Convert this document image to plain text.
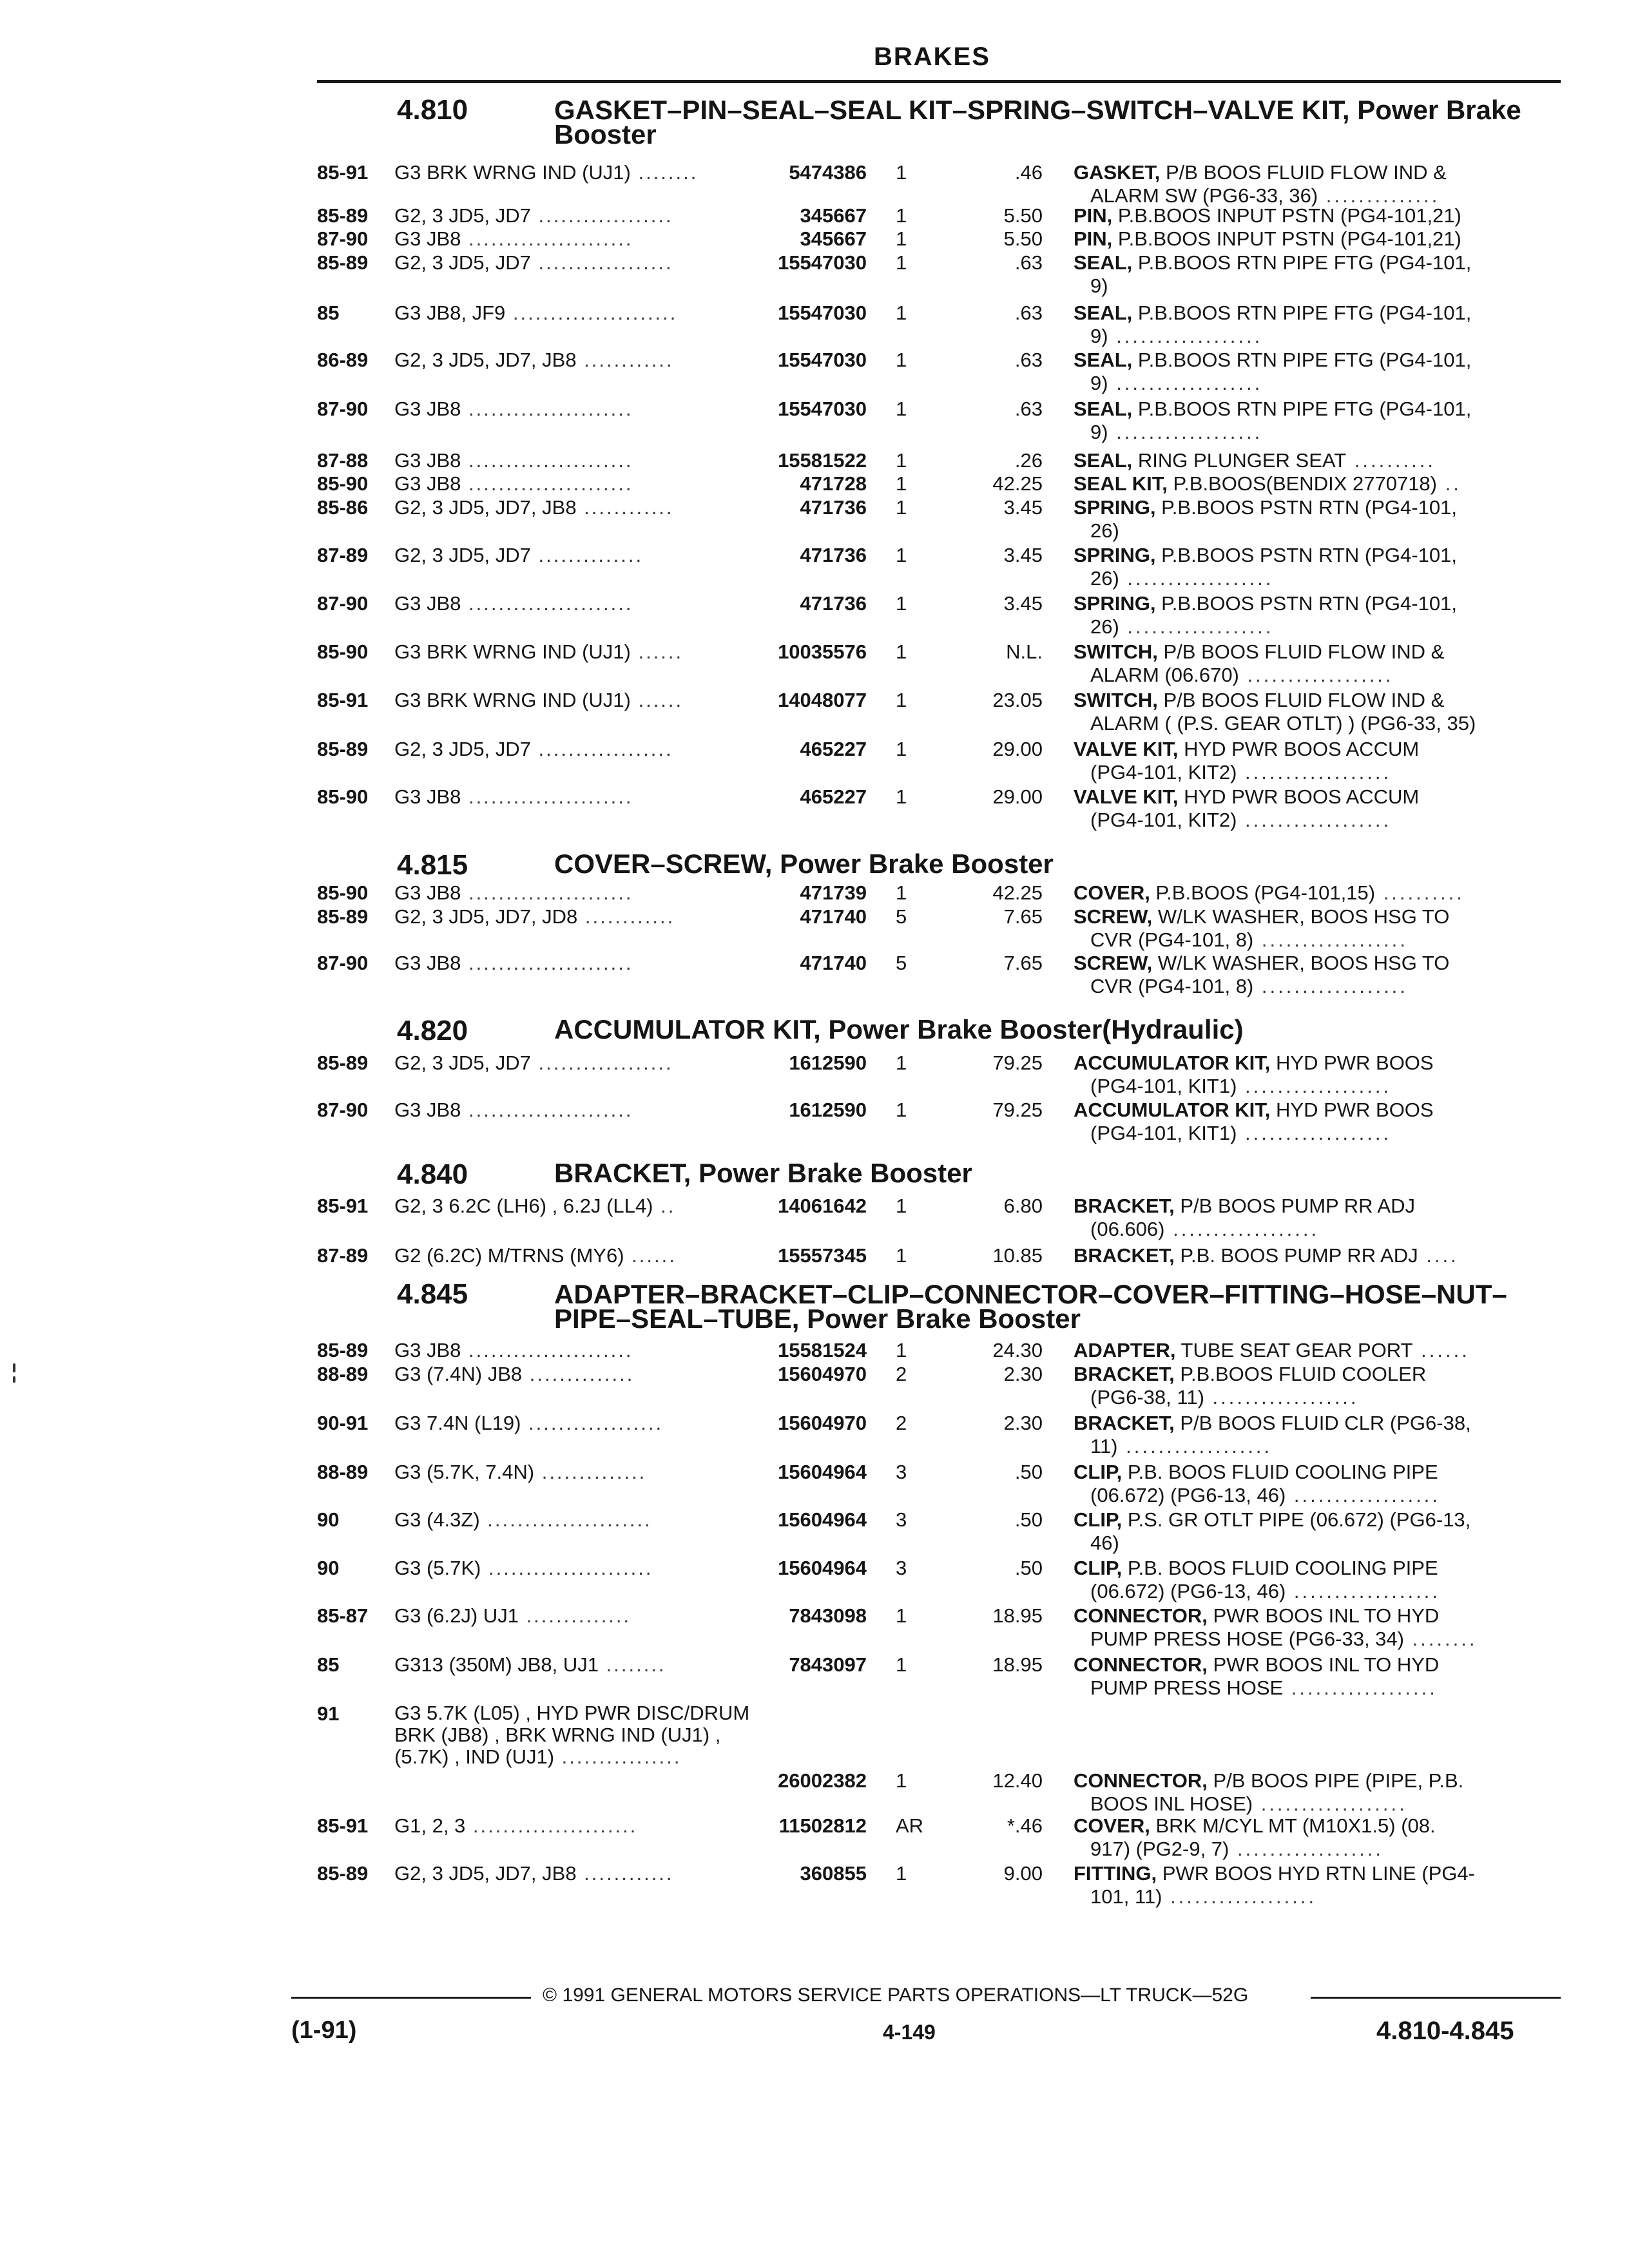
BRAKES
4.810	GASKET–PIN–SEAL–SEAL KIT–SPRING–SWITCH–VALVE KIT, Power Brake Booster
4.815	COVER–SCREW, Power Brake Booster
4.820	ACCUMULATOR KIT, Power Brake Booster(Hydraulic)
4.840	BRACKET, Power Brake Booster
4.845	ADAPTER–BRACKET–CLIP–CONNECTOR–COVER–FITTING–HOSE–NUT–PIPE–SEAL–TUBE, Power Brake Booster
85-91 G3 BRK WRNG IND (UJ1) ........	5474386 1	.46 GASKET, P/B BOOS FLUID FLOW IND &
ALARM SW (PG6-33, 36) ..............
85-89 G2, 3 JD5, JD7 ..................	345667 1	5.50 PIN, P.B.BOOS INPUT PSTN (PG4-101,21)
87-90 G3 JB8 ......................	345667 1	5.50 PIN, P.B.BOOS INPUT PSTN (PG4-101,21)
85-89 G2, 3 JD5, JD7 ..................	15547030 1	.63 SEAL, P.B.BOOS RTN PIPE FTG (PG4-101,
9)
85	G3 JB8, JF9 ......................	15547030 1	.63 SEAL, P.B.BOOS RTN PIPE FTG (PG4-101,
9) ..................
86-89 G2, 3 JD5, JD7, JB8 ............	15547030 1	.63 SEAL, P.B.BOOS RTN PIPE FTG (PG4-101,
9) ..................
87-90 G3 JB8 ......................	15547030 1	.63 SEAL, P.B.BOOS RTN PIPE FTG (PG4-101,
9) ..................
87-88 G3 JB8 ......................	15581522 1	.26 SEAL, RING PLUNGER SEAT ..........
85-90 G3 JB8 ......................	471728 1	42.25 SEAL KIT, P.B.BOOS(BENDIX 2770718) ..
85-86 G2, 3 JD5, JD7, JB8 ............	471736 1	3.45 SPRING, P.B.BOOS PSTN RTN (PG4-101,
26)
87-89 G2, 3 JD5, JD7 ..............	471736 1	3.45 SPRING, P.B.BOOS PSTN RTN (PG4-101,
26) ..................
87-90 G3 JB8 ......................	471736 1	3.45 SPRING, P.B.BOOS PSTN RTN (PG4-101,
26) ..................
85-90 G3 BRK WRNG IND (UJ1) ......	10035576 1	N.L. SWITCH, P/B BOOS FLUID FLOW IND &
ALARM (06.670) ..................
85-91 G3 BRK WRNG IND (UJ1) ......	14048077 1	23.05 SWITCH, P/B BOOS FLUID FLOW IND &
ALARM ( (P.S. GEAR OTLT) ) (PG6-33, 35)
85-89 G2, 3 JD5, JD7 ..................	465227 1	29.00 VALVE KIT, HYD PWR BOOS ACCUM
(PG4-101, KIT2) ..................
85-90 G3 JB8 ......................	465227 1	29.00 VALVE KIT, HYD PWR BOOS ACCUM
(PG4-101, KIT2) ..................
85-90 G3 JB8 ......................	471739 1	42.25 COVER, P.B.BOOS (PG4-101,15) ..........
85-89 G2, 3 JD5, JD7, JD8 ............	471740 5	7.65 SCREW, W/LK WASHER, BOOS HSG TO
CVR (PG4-101, 8) ..................
87-90 G3 JB8 ......................	471740 5	7.65 SCREW, W/LK WASHER, BOOS HSG TO
CVR (PG4-101, 8) ..................
85-89 G2, 3 JD5, JD7 ..................	1612590 1	79.25 ACCUMULATOR KIT, HYD PWR BOOS
(PG4-101, KIT1) ..................
87-90 G3 JB8 ......................	1612590 1	79.25 ACCUMULATOR KIT, HYD PWR BOOS
(PG4-101, KIT1) ..................
85-91 G2, 3 6.2C (LH6) , 6.2J (LL4) ..	14061642 1	6.80 BRACKET, P/B BOOS PUMP RR ADJ
(06.606) ..................
87-89 G2 (6.2C) M/TRNS (MY6) ......	15557345 1	10.85 BRACKET, P.B. BOOS PUMP RR ADJ ....
85-89 G3 JB8 ......................	15581524 1	24.30 ADAPTER, TUBE SEAT GEAR PORT ......
88-89 G3 (7.4N) JB8 ..............	15604970 2	2.30 BRACKET, P.B.BOOS FLUID COOLER
(PG6-38, 11) ..................
90-91 G3 7.4N (L19) ..................	15604970 2	2.30 BRACKET, P/B BOOS FLUID CLR (PG6-38,
11) ..................
88-89 G3 (5.7K, 7.4N) ..............	15604964 3	.50 CLIP, P.B. BOOS FLUID COOLING PIPE
(06.672) (PG6-13, 46) ..................
90	G3 (4.3Z) ......................	15604964 3	.50 CLIP, P.S. GR OTLT PIPE (06.672) (PG6-13,
46)
90	G3 (5.7K) ......................	15604964 3	.50 CLIP, P.B. BOOS FLUID COOLING PIPE
(06.672) (PG6-13, 46) ..................
85-87 G3 (6.2J) UJ1 ..............	7843098 1	18.95 CONNECTOR, PWR BOOS INL TO HYD
PUMP PRESS HOSE (PG6-33, 34) ........
85	G313 (350M) JB8, UJ1 ........	7843097 1	18.95 CONNECTOR, PWR BOOS INL TO HYD
PUMP PRESS HOSE ..................
91	G3 5.7K (L05) , HYD PWR DISC/DRUM BRK (JB8) , BRK WRNG IND (UJ1) , (5.7K) , IND (UJ1) ................
26002382 1	12.40 CONNECTOR, P/B BOOS PIPE (PIPE, P.B.
BOOS INL HOSE) ..................
85-91 G1, 2, 3 ......................	11502812 AR	*.46 COVER, BRK M/CYL MT (M10X1.5) (08.
917) (PG2-9, 7) ..................
85-89 G2, 3 JD5, JD7, JB8 ............	360855 1	9.00 FITTING, PWR BOOS HYD RTN LINE (PG4-
101, 11) ..................
© 1991 GENERAL MOTORS SERVICE PARTS OPERATIONS—LT TRUCK—52G
(1-91)	4-149	4.810-4.845
